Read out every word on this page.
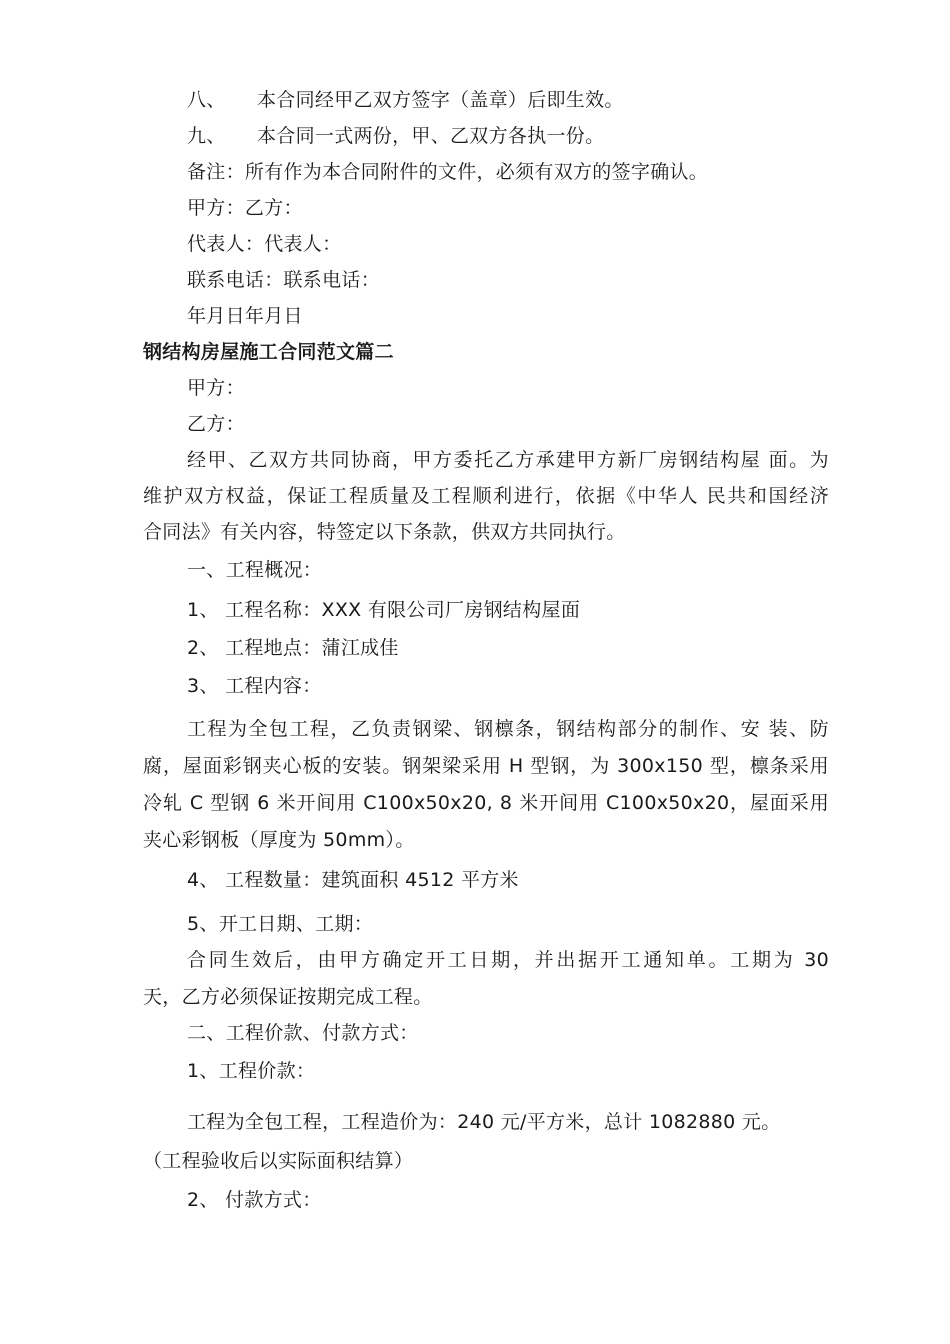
八、 本合同经甲乙双方签字（盖章）后即生效。
九、 本合同一式两份，甲、乙双方各执一份。
备注：所有作为本合同附件的文件，必须有双方的签字确认。
甲方：乙方：
代表人：代表人：
联系电话：联系电话：
年月日年月日
钢结构房屋施工合同范文篇二
甲方：
乙方：
经甲、乙双方共同协商，甲方委托乙方承建甲方新厂房钢结构屋 面。为
维护双方权益，保证工程质量及工程顺利进行，依据《中华人 民共和国经济
合同法》有关内容，特签定以下条款，供双方共同执行。
一、工程概况：
1、 工程名称：XXX 有限公司厂房钢结构屋面
2、 工程地点：蒲江成佳
3、 工程内容：
工程为全包工程，乙负责钢梁、钢檩条，钢结构部分的制作、安 装、防
腐，屋面彩钢夹心板的安装。钢架梁采用 H 型钢，为 300x150 型，檩条采用
冷轧 C 型钢 6 米开间用 C100x50x20, 8 米开间用 C100x50x20，屋面采用
夹心彩钢板（厚度为 50mm）。
4、 工程数量：建筑面积 4512 平方米
5、开工日期、工期：
合同生效后，由甲方确定开工日期，并出据开工通知单。工期为 30
天，乙方必须保证按期完成工程。
二、工程价款、付款方式：
1、工程价款：
工程为全包工程，工程造价为：240 元/平方米，总计 1082880 元。
（工程验收后以实际面积结算）
2、 付款方式：
